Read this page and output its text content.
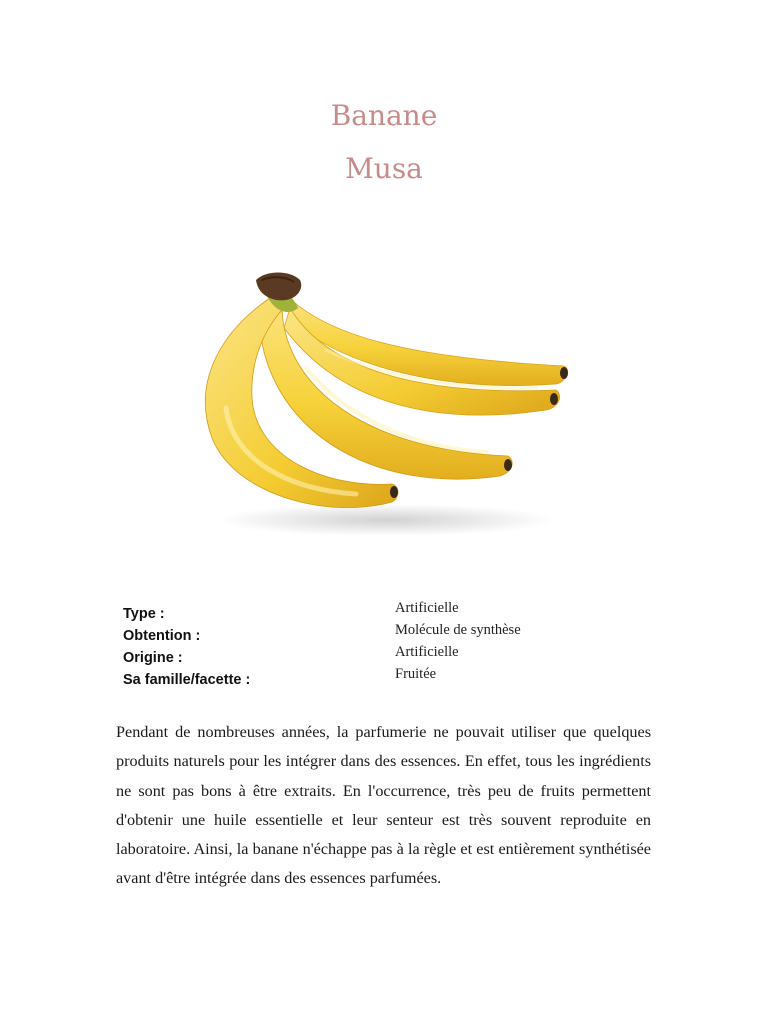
Banane
Musa
Type :	Artificielle
Obtention :	Molécule de synthèse
Origine :	Artificielle
Sa famille/facette :	Fruitée

Pendant de nombreuses années, la parfumerie ne pouvait utiliser que quelques produits naturels pour les intégrer dans des essences. En effet, tous les ingrédients ne sont pas bons à être extraits. En l'occurrence, très peu de fruits permettent d'obtenir une huile essentielle et leur senteur est très souvent reproduite en laboratoire. Ainsi, la banane n'échappe pas à la règle et est entièrement synthétisée avant d'être intégrée dans des essences parfumées.
